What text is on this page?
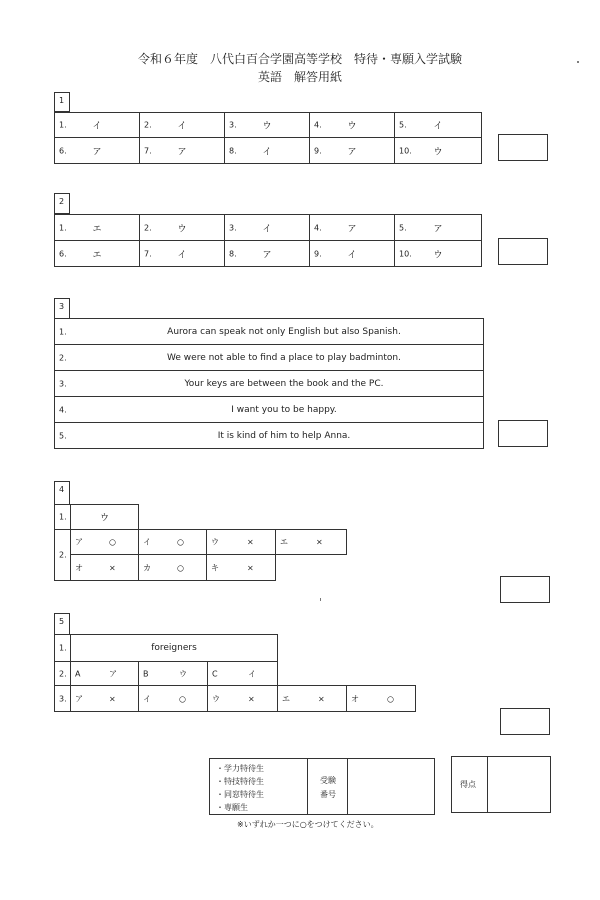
令和６年度　八代白百合学園高等学校　特待・専願入学試験
英語　解答用紙
1
1.	イ	2.	イ	3.	ウ	4.	ウ	5.	イ
6.	ア	7.	ア	8.	イ	9.	ア	10.	ウ
2
1.	エ	2.	ウ	3.	イ	4.	ア	5.	ア
6.	エ	7.	イ	8.	ア	9.	イ	10.	ウ
3
1.	Aurora can speak not only English but also Spanish.
2.	We were not able to find a place to play badminton.
3.	Your keys are between the book and the PC.
4.	I want you to be happy.
5.	It is kind of him to help Anna.
4
1.	ウ
2.
ア	○	イ	○	ウ	×	エ	×
オ	×	カ	○	キ	×
5
1.	foreigners
2. A	ア	B	ウ	C	イ
3. ア	×	イ	○	ウ	×	エ	×	オ	○
・学力特待生
・特技特待生
・同窓特待生
・専願生
受験
番号
得点
※いずれか一つに○をつけてください。
